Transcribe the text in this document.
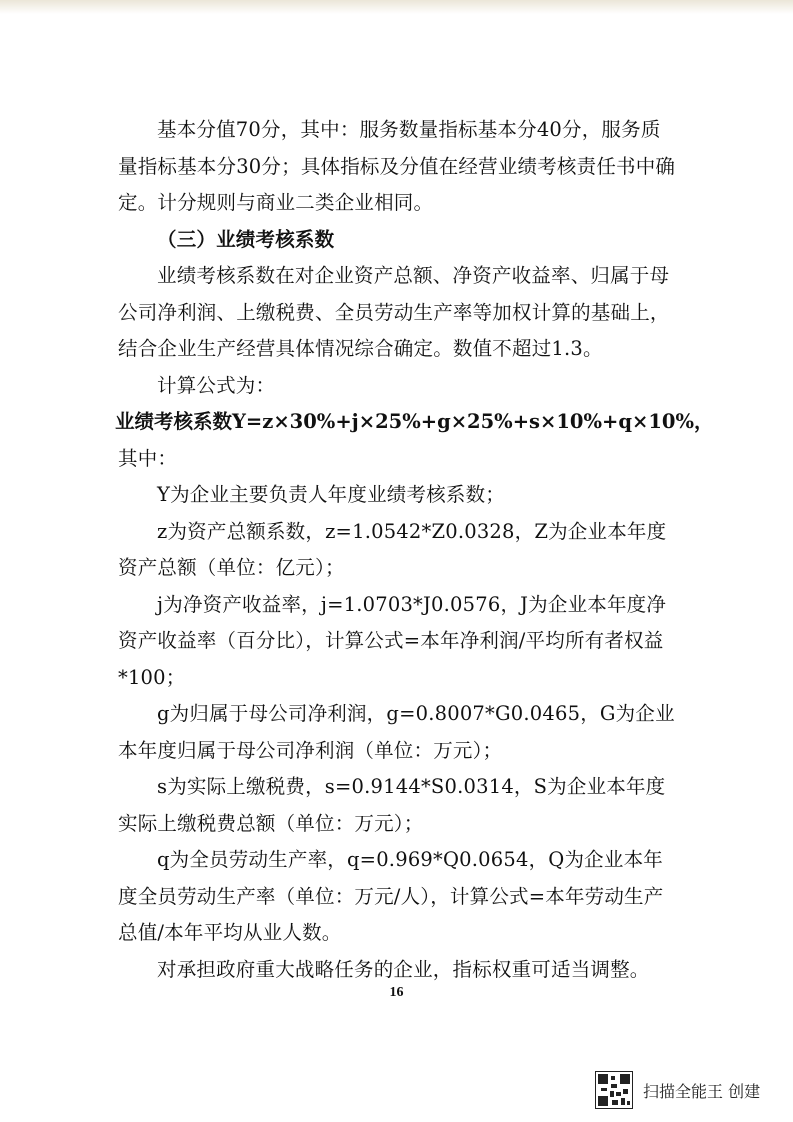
基本分值70分，其中：服务数量指标基本分40分，服务质量指标基本分30分；具体指标及分值在经营业绩考核责任书中确定。计分规则与商业二类企业相同。

（三）业绩考核系数

业绩考核系数在对企业资产总额、净资产收益率、归属于母公司净利润、上缴税费、全员劳动生产率等加权计算的基础上，结合企业生产经营具体情况综合确定。数值不超过1.3。

计算公式为：

业绩考核系数Y=z×30%+j×25%+g×25%+s×10%+q×10%，

其中：

Y为企业主要负责人年度业绩考核系数；

z为资产总额系数，z=1.0542*Z0.0328，Z为企业本年度资产总额（单位：亿元）；

j为净资产收益率，j=1.0703*J0.0576，J为企业本年度净资产收益率（百分比），计算公式=本年净利润/平均所有者权益*100；

g为归属于母公司净利润，g=0.8007*G0.0465，G为企业本年度归属于母公司净利润（单位：万元）；

s为实际上缴税费，s=0.9144*S0.0314，S为企业本年度实际上缴税费总额（单位：万元）；

q为全员劳动生产率，q=0.969*Q0.0654，Q为企业本年度全员劳动生产率（单位：万元/人），计算公式=本年劳动生产总值/本年平均从业人数。

对承担政府重大战略任务的企业，指标权重可适当调整。

16
扫描全能王 创建
